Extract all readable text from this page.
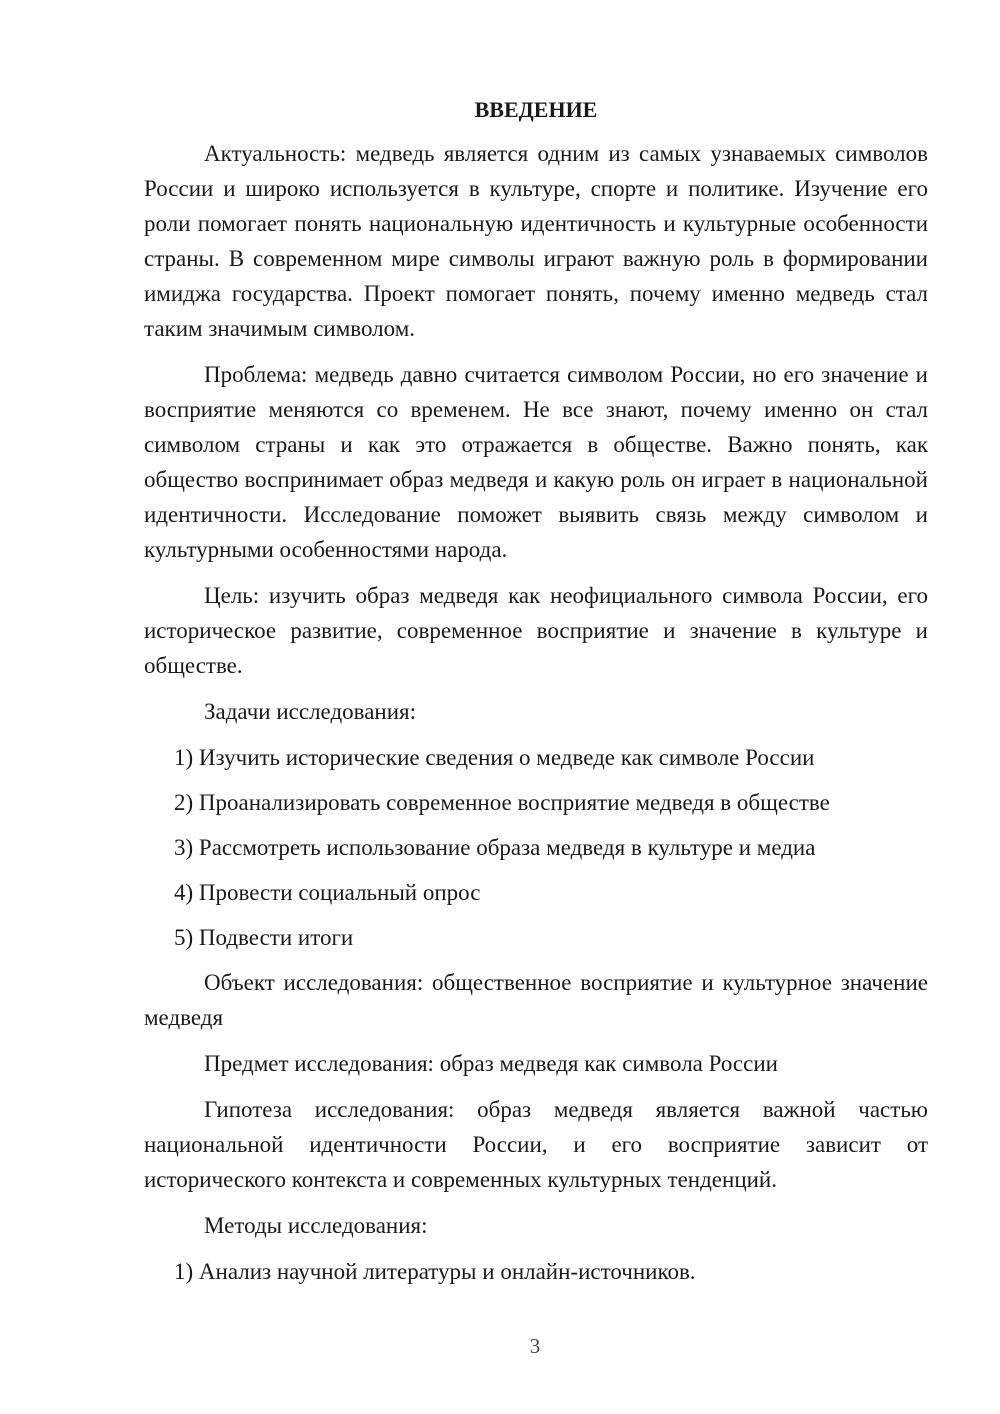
ВВЕДЕНИЕ

Актуальность: медведь является одним из самых узнаваемых символов России и широко используется в культуре, спорте и политике. Изучение его роли помогает понять национальную идентичность и культурные особенности страны. В современном мире символы играют важную роль в формировании имиджа государства. Проект помогает понять, почему именно медведь стал таким значимым символом.

Проблема: медведь давно считается символом России, но его значение и восприятие меняются со временем. Не все знают, почему именно он стал символом страны и как это отражается в обществе. Важно понять, как общество воспринимает образ медведя и какую роль он играет в национальной идентичности. Исследование поможет выявить связь между символом и культурными особенностями народа.

Цель: изучить образ медведя как неофициального символа России, его историческое развитие, современное восприятие и значение в культуре и обществе.

Задачи исследования:

1) Изучить исторические сведения о медведе как символе России
2) Проанализировать современное восприятие медведя в обществе
3) Рассмотреть использование образа медведя в культуре и медиа
4) Провести социальный опрос
5) Подвести итоги

Объект исследования: общественное восприятие и культурное значение медведя

Предмет исследования: образ медведя как символа России

Гипотеза исследования: образ медведя является важной частью национальной идентичности России, и его восприятие зависит от исторического контекста и современных культурных тенденций.

Методы исследования:

1) Анализ научной литературы и онлайн-источников.
3
